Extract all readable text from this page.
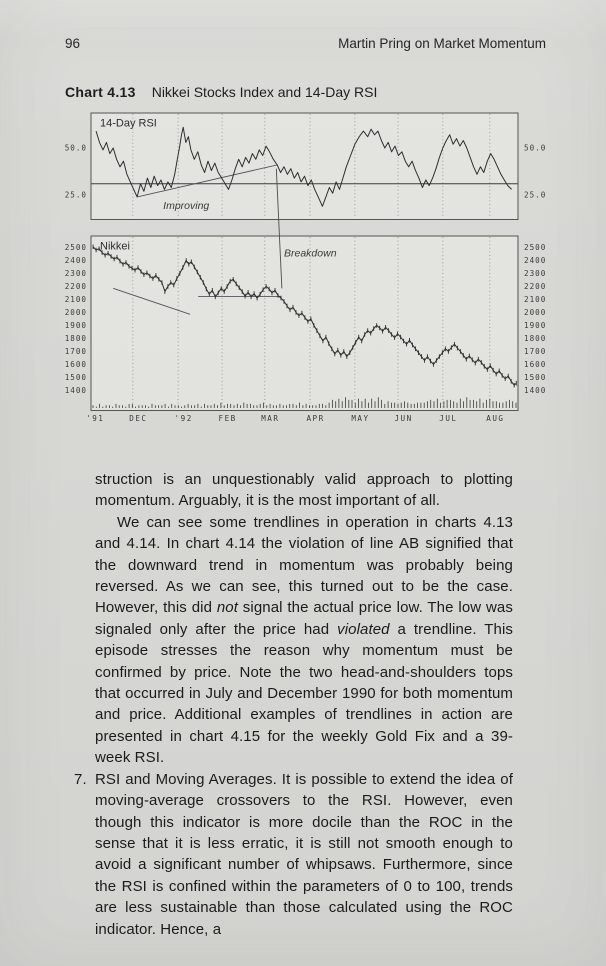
96	Martin Pring on Market Momentum
Chart 4.13 Nikkei Stocks Index and 14-Day RSI
50.0	50.0
25.0	25.0
14-Day RSI
Improving
2500	2500
2400	2400
2300	2300
2200	2200
2100	2100
2000	2000
1900	1900
1800	1800
1700	1700
1600	1600
1500	1500
1400	1400
Nikkei
Breakdown
'91	DEC	'92	FEB	MAR	APR	MAY	JUN	JUL	AUG

struction is an unquestionably valid approach to plotting momentum. Arguably, it is the most important of all.

We can see some trendlines in operation in charts 4.13 and 4.14. In chart 4.14 the violation of line AB signified that the downward trend in momentum was probably being reversed. As we can see, this turned out to be the case. However, this did not signal the actual price low. The low was signaled only after the price had violated a trendline. This episode stresses the reason why momentum must be confirmed by price. Note the two head-and-shoulders tops that occurred in July and December 1990 for both momentum and price. Additional examples of trendlines in action are presented in chart 4.15 for the weekly Gold Fix and a 39-week RSI.

7. RSI and Moving Averages. It is possible to extend the idea of moving-average crossovers to the RSI. However, even though this indicator is more docile than the ROC in the sense that it is less erratic, it is still not smooth enough to avoid a significant number of whipsaws. Furthermore, since the RSI is confined within the parameters of 0 to 100, trends are less sustainable than those calculated using the ROC indicator. Hence, a
